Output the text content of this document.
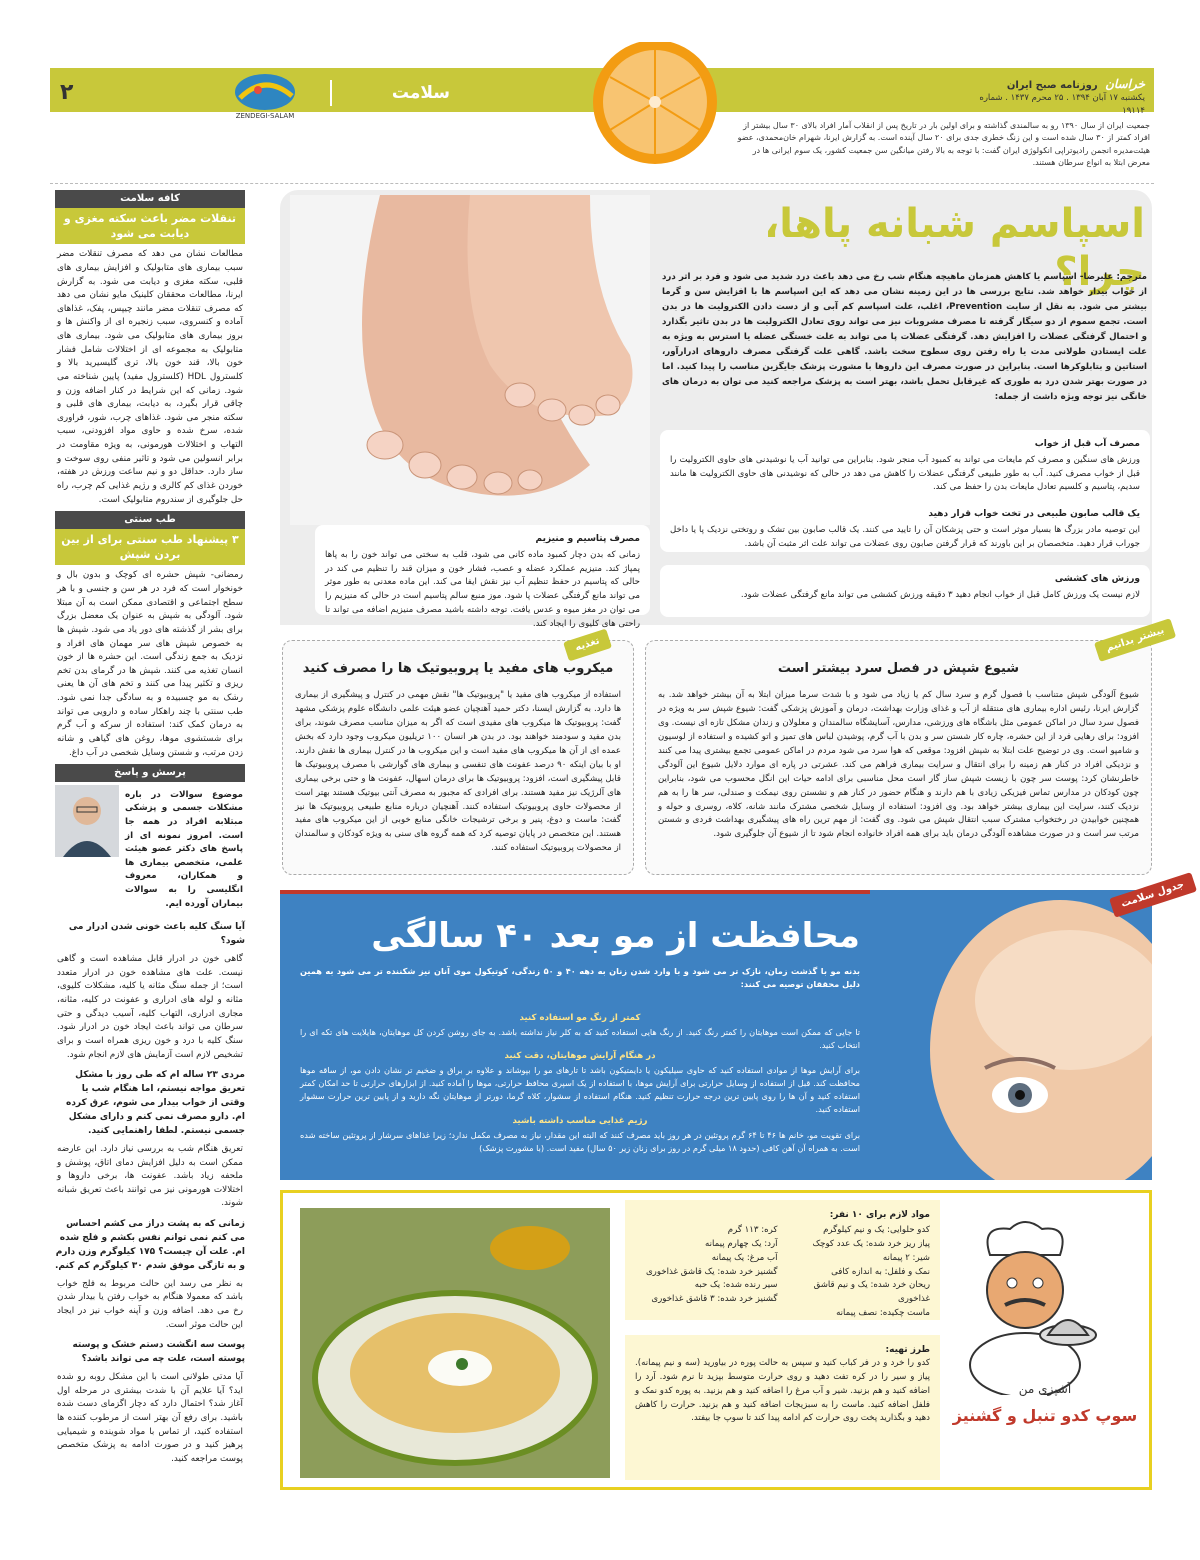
۲
ZENDEGI-SALAM
سلامت	خراسان روزنامه صبح ایران
یکشنبه ۱۷ آبان ۱۳۹۴ . ۲۵ محرم ۱۴۳۷ . شماره ۱۹۱۱۴
جمعیت ایران از سال ۱۳۹۰ رو به سالمندی گذاشته و برای اولین بار در تاریخ پس از انقلاب آمار افراد بالای ۳۰ سال بیشتر از افراد کمتر از ۳۰ سال شده است و این زنگ خطری جدی برای ۲۰ سال آینده است. به گزارش ایرنا، شهرام خان‌محمدی، عضو هیئت‌مدیره انجمن رادیوتراپی انکولوژی ایران گفت: با توجه به بالا رفتن میانگین سن جمعیت کشور، یک سوم ایرانی ها در معرض ابتلا به انواع سرطان هستند.
کافه سلامت
تنقلات مضر باعث سکته مغزی و دیابت می شود

مطالعات نشان می دهد که مصرف تنقلات مضر سبب بیماری های متابولیک و افزایش بیماری های قلبی، سکته مغزی و دیابت می شود. به گزارش ایرنا، مطالعات محققان کلینیک مایو نشان می دهد که مصرف تنقلات مضر مانند چیپس، پفک، غذاهای آماده و کنسروی، سبب زنجیره ای از واکنش ها و بروز بیماری های متابولیک می شود. بیماری های متابولیک به مجموعه ای از اختلالات شامل فشار خون بالا، قند خون بالا، تری گلیسیرید بالا و کلسترول HDL (کلسترول مفید) پایین شناخته می شود. زمانی که این شرایط در کنار اضافه وزن و چاقی قرار بگیرد، به دیابت، بیماری های قلبی و سکته منجر می شود. غذاهای چرب، شور، فراوری شده، سرخ شده و حاوی مواد افزودنی، سبب التهاب و اختلالات هورمونی، به ویژه مقاومت در برابر انسولین می شود و تاثیر منفی روی سوخت و ساز دارد. حداقل دو و نیم ساعت ورزش در هفته، خوردن غذای کم کالری و رژیم غذایی کم چرب، راه حل جلوگیری از سندروم متابولیک است.

طب سنتی
۳ پیشنهاد طب سنتی برای از بین بردن شپش

رمضانی- شپش حشره ای کوچک و بدون بال و خونخوار است که فرد در هر سن و جنسی و با هر سطح اجتماعی و اقتصادی ممکن است به آن مبتلا شود. آلودگی به شپش به عنوان یک معضل بزرگ برای بشر از گذشته های دور یاد می شود. شپش ها به خصوص شپش های سر مهمان های افراد و نزدیک به جمع زندگی است. این حشره ها از خون انسان تغذیه می کنند. شپش ها در گرمای بدن تخم ریزی و تکثیر پیدا می کنند و تخم های آن ها یعنی رشک به مو چسبیده و به سادگی جدا نمی شود. طب سنتی با چند راهکار ساده و دارویی می تواند به درمان کمک کند: استفاده از سرکه و آب گرم برای شستشوی موها، روغن های گیاهی و شانه زدن مرتب، و شستن وسایل شخصی در آب داغ.

پرسش و پاسخ

موضوع سوالات در باره مشکلات جسمی و پزشکی مبتلابه افراد در همه جا است. امروز نمونه ای از پاسخ های دکتر عضو هیئت علمی، متخصص بیماری ها و همکاران، معروف انگلیسی را به سوالات بیماران آورده ایم.

آیا سنگ کلیه باعث خونی شدن ادرار می شود؟

گاهی خون در ادرار قابل مشاهده است و گاهی نیست. علت های مشاهده خون در ادرار متعدد است؛ از جمله سنگ مثانه یا کلیه، مشکلات کلیوی، مثانه و لوله های ادراری و عفونت در کلیه، مثانه، مجاری ادراری، التهاب کلیه، آسیب دیدگی و حتی سرطان می تواند باعث ایجاد خون در ادرار شود. سنگ کلیه با درد و خون ریزی همراه است و برای تشخیص لازم است آزمایش های لازم انجام شود.

مردی ۲۳ ساله ام که طی روز با مشکل تعریق مواجه نیستم، اما هنگام شب یا وقتی از خواب بیدار می شوم، عرق کرده ام. دارو مصرف نمی کنم و دارای مشکل جسمی نیستم. لطفا راهنمایی کنید.

تعریق هنگام شب به بررسی نیاز دارد. این عارضه ممکن است به دلیل افزایش دمای اتاق، پوشش و ملحفه زیاد باشد. عفونت ها، برخی داروها و اختلالات هورمونی نیز می توانند باعث تعریق شبانه شوند.

زمانی که به پشت دراز می کشم احساس می کنم نمی توانم نفس بکشم و فلج شده ام. علت آن چیست؟ ۱۷۵ کیلوگرم وزن دارم و به تازگی موفق شدم ۳۰ کیلوگرم کم کنم.

به نظر می رسد این حالت مربوط به فلج خواب باشد که معمولا هنگام به خواب رفتن یا بیدار شدن رخ می دهد. اضافه وزن و آپنه خواب نیز در ایجاد این حالت موثر است.

پوست سه انگشت دستم خشک و پوسته پوسته است، علت چه می تواند باشد؟

آیا مدتی طولانی است با این مشکل روبه رو شده اید؟ آیا علایم آن با شدت بیشتری در مرحله اول آغاز شد؟ احتمال دارد که دچار اگزمای دست شده باشید. برای رفع آن بهتر است از مرطوب کننده ها استفاده کنید، از تماس با مواد شوینده و شیمیایی پرهیز کنید و در صورت ادامه به پزشک متخصص پوست مراجعه کنید.

اسپاسم شبانه پاها، چرا؟

مترجم: علیرضا- اسپاسم یا کاهش همزمان ماهیچه هنگام شب رخ می دهد باعث درد شدید می شود و فرد بر اثر درد از خواب بیدار خواهد شد. نتایج بررسی ها در این زمینه نشان می دهد که این اسپاسم ها با افزایش سن و گرما بیشتر می شود. به نقل از سایت Prevention، اغلب، علت اسپاسم کم آبی و از دست دادن الکترولیت ها در بدن است. تجمع سموم از دو سیگار گرفته تا مصرف مشروبات نیز می تواند روی تعادل الکترولیت ها در بدن تاثیر بگذارد و احتمال گرفتگی عضلات را افزایش دهد. گرفتگی عضلات پا می تواند به علت خستگی عضله یا استرس به ویژه به علت ایستادن طولانی مدت یا راه رفتن روی سطوح سخت باشد. گاهی علت گرفتگی مصرف داروهای ادرارآور، استاتین و بتابلوکرها است. بنابراین در صورت مصرف این داروها با مشورت پزشک جایگزین مناسب را پیدا کنید. اما در صورت بهتر شدن درد به طوری که غیرقابل تحمل باشد، بهتر است به پزشک مراجعه کنید می توان به درمان های خانگی نیز توجه ویژه داشت از جمله:

مصرف آب قبل از خواب

ورزش های سنگین و مصرف کم مایعات می تواند به کمبود آب منجر شود. بنابراین می توانید آب یا نوشیدنی های حاوی الکترولیت را قبل از خواب مصرف کنید. آب به طور طبیعی گرفتگی عضلات را کاهش می دهد در حالی که نوشیدنی های حاوی الکترولیت ها مانند سدیم، پتاسیم و کلسیم تعادل مایعات بدن را حفظ می کند.

یک قالب صابون طبیعی در تخت خواب قرار دهید

این توصیه مادر بزرگ ها بسیار موثر است و حتی پزشکان آن را تایید می کنند. یک قالب صابون بین تشک و روتختی نزدیک پا یا داخل جوراب قرار دهید. متخصصان بر این باورند که قرار گرفتن صابون روی عضلات می تواند علت اثر مثبت آن باشد.

ورزش های کششی

لازم نیست یک ورزش کامل قبل از خواب انجام دهید ۳ دقیقه ورزش کششی می تواند مانع گرفتگی عضلات شود.

مصرف پتاسیم و منیزیم

زمانی که بدن دچار کمبود ماده کانی می شود، قلب به سختی می تواند خون را به پاها پمپاژ کند. منیزیم عملکرد عضله و عصب، فشار خون و میزان قند را تنظیم می کند در حالی که پتاسیم در حفظ تنظیم آب نیز نقش ایفا می کند. این ماده معدنی به طور موثر می تواند مانع گرفتگی عضلات پا شود. موز منبع سالم پتاسیم است در حالی که منیزیم را می توان در مغز میوه و عدس یافت. توجه داشته باشید مصرف منیزیم اضافه می تواند تا راحتی های کلیوی را ایجاد کند.

میکروب های مفید یا پروبیوتیک ها را مصرف کنید

استفاده از میکروب های مفید یا "پروبیوتیک ها" نقش مهمی در کنترل و پیشگیری از بیماری ها دارد. به گزارش ایسنا، دکتر حمید آهنچیان عضو هیئت علمی دانشگاه علوم پزشکی مشهد گفت: پروبیوتیک ها میکروب های مفیدی است که اگر به میزان مناسب مصرف شوند، برای بدن مفید و سودمند خواهند بود. در بدن هر انسان ۱۰۰ تریلیون میکروب وجود دارد که بخش عمده ای از آن ها میکروب های مفید است و این میکروب ها در کنترل بیماری ها نقش دارند. او با بیان اینکه ۹۰ درصد عفونت های تنفسی و بیماری های گوارشی با مصرف پروبیوتیک ها قابل پیشگیری است، افزود: پروبیوتیک ها برای درمان اسهال، عفونت ها و حتی برخی بیماری های آلرژیک نیز مفید هستند. برای افرادی که مجبور به مصرف آنتی بیوتیک هستند بهتر است از محصولات حاوی پروبیوتیک استفاده کنند. آهنچیان درباره منابع طبیعی پروبیوتیک ها نیز گفت: ماست و دوغ، پنیر و برخی ترشیجات خانگی منابع خوبی از این میکروب های مفید هستند. این متخصص در پایان توصیه کرد که همه گروه های سنی به ویژه کودکان و سالمندان از محصولات پروبیوتیک استفاده کنند.

تغذیه
شیوع شپش در فصل سرد بیشتر است

شیوع آلودگی شپش متناسب با فصول گرم و سرد سال کم یا زیاد می شود و با شدت سرما میزان ابتلا به آن بیشتر خواهد شد. به گزارش ایرنا، رئیس اداره بیماری های منتقله از آب و غذای وزارت بهداشت، درمان و آموزش پزشکی گفت: شیوع شپش سر به ویژه در فصول سرد سال در اماکن عمومی مثل باشگاه های ورزشی، مدارس، آسایشگاه سالمندان و معلولان و زندان مشکل تازه ای نیست. وی افزود: برای رهایی فرد از این حشره، چاره کار شستن سر و بدن با آب گرم، پوشیدن لباس های تمیز و اتو کشیده و استفاده از لوسیون و شامپو است. وی در توضیح علت ابتلا به شپش افزود: موقعی که هوا سرد می شود مردم در اماکن عمومی تجمع بیشتری پیدا می کنند و نزدیکی افراد در کنار هم زمینه را برای انتقال و سرایت بیماری فراهم می کند. عشرتی در پاره ای موارد دلایل شیوع این آلودگی خاطرنشان کرد: پوست سر چون با زیست شپش ساز گار است محل مناسبی برای ادامه حیات این انگل محسوب می شود، بنابراین چون کودکان در مدارس تماس فیزیکی زیادی با هم دارند و هنگام حضور در کنار هم و نشستن روی نیمکت و صندلی، سر ها را به هم نزدیک کنند، سرایت این بیماری بیشتر خواهد بود. وی افزود: استفاده از وسایل شخصی مشترک مانند شانه، کلاه، روسری و حوله و همچنین خوابیدن در رختخواب مشترک سبب انتقال شپش می شود. وی گفت: از مهم ترین راه های پیشگیری بهداشت فردی و شستن مرتب سر است و در صورت مشاهده آلودگی درمان باید برای همه افراد خانواده انجام شود تا از شیوع آن جلوگیری شود.

بیشتر بدانیم
جدول سلامت
محافظت از مو بعد ۴۰ سالگی

بدنه مو با گذشت زمان، نازک تر می شود و با وارد شدن زنان به دهه ۴۰ و ۵۰ زندگی، کوتیکول موی آنان نیز شکننده تر می شود به همین دلیل محققان توصیه می کنند:

کمتر از رنگ مو استفاده کنید

تا جایی که ممکن است موهایتان را کمتر رنگ کنید. از رنگ هایی استفاده کنید که به کلر نیاز نداشته باشد. به جای روشن کردن کل موهایتان، هایلایت های تکه ای را انتخاب کنید.

در هنگام آرایش موهایتان، دقت کنید

برای آرایش موها از موادی استفاده کنید که حاوی سیلیکون یا دایمتیکون باشد تا تارهای مو را بپوشاند و علاوه بر براق و ضخیم تر نشان دادن مو، از ساقه موها محافظت کند. قبل از استفاده از وسایل حرارتی برای آرایش موها، با استفاده از یک اسپری محافظ حرارتی، موها را آماده کنید. از ابزارهای حرارتی تا حد امکان کمتر استفاده کنید و آن ها را روی پایین ترین درجه حرارت تنظیم کنید. هنگام استفاده از سشوار، کلاه گرما، دورتر از موهایتان نگه دارید و از پایین ترین حرارت سشوار استفاده کنید.

رژیم غذایی مناسب داشته باشید

برای تقویت مو، خانم ها ۴۶ تا ۶۴ گرم پروتئین در هر روز باید مصرف کنند که البته این مقدار، نیاز به مصرف مکمل ندارد؛ زیرا غذاهای سرشار از پروتئین ساخته شده است. به همراه آن آهن کافی (حدود ۱۸ میلی گرم در روز برای زنان زیر ۵۰ سال) مفید است. (با مشورت پزشک)

آشپزی من
سوپ کدو تنبل و گشنیز
مواد لازم برای ۱۰ نفر:
کدو حلوایی: یک و نیم کیلوگرم
پیاز ریز خرد شده: یک عدد کوچک
شیر: ۲ پیمانه
نمک و فلفل: به اندازه کافی
ریحان خرد شده: یک و نیم قاشق غذاخوری
ماست چکیده: نصف پیمانه
کره: ۱۱۳ گرم
آرد: یک چهارم پیمانه
آب مرغ: یک پیمانه
گشنیز خرد شده: یک قاشق غذاخوری
سیر رنده شده: یک حبه
گشنیز خرد شده: ۳ قاشق غذاخوری
طرز تهیه:

کدو را خرد و در فر کباب کنید و سپس به حالت پوره در بیاورید (سه و نیم پیمانه). پیاز و سیر را در کره تفت دهید و روی حرارت متوسط بپزید تا نرم شود. آرد را اضافه کنید و هم بزنید. شیر و آب مرغ را اضافه کنید و هم بزنید. به پوره کدو نمک و فلفل اضافه کنید. ماست را به سبزیجات اضافه کنید و هم بزنید. حرارت را کاهش دهید و بگذارید پخت روی حرارت کم ادامه پیدا کند تا سوپ جا بیفتد.
